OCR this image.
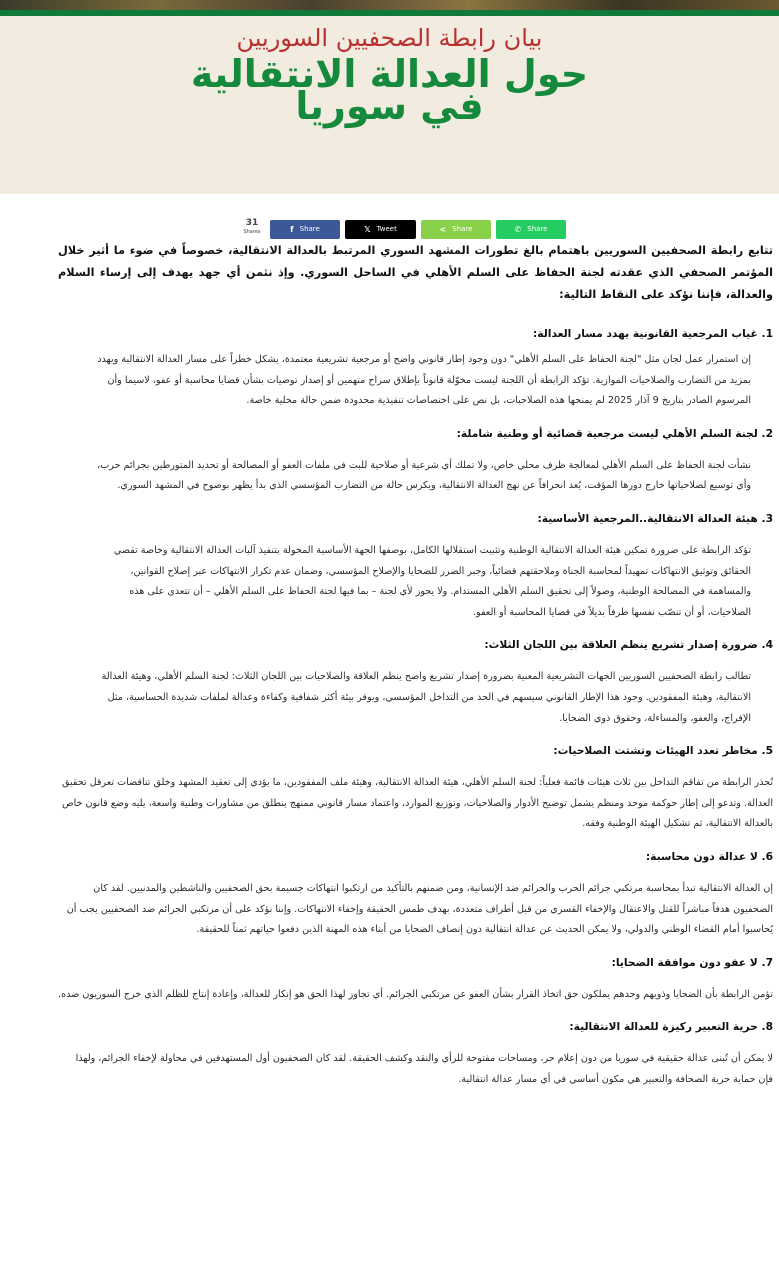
بيان رابطة الصحفيين السوريين
حول العدالة الانتقالية
في سوريا
31
Shares	f Share	𝕏 Tweet	< Share	✆ Share

تتابع رابطة الصحفيين السوريين باهتمام بالغ تطورات المشهد السوري المرتبط بالعدالة الانتقالية، خصوصاً في ضوء ما أثير خلال المؤتمر الصحفي الذي عقدته لجنة الحفاظ على السلم الأهلي في الساحل السوري. وإذ نثمن أي جهد يهدف إلى إرساء السلام والعدالة، فإننا نؤكد على النقاط التالية:

1. غياب المرجعية القانونية يهدد مسار العدالة:

إن استمرار عمل لجان مثل "لجنة الحفاظ على السلم الأهلي" دون وجود إطار قانوني واضح أو مرجعية تشريعية معتمدة، يشكل خطراً على مسار العدالة الانتقالية ويهدد بمزيد من التضارب والصلاحيات الموازية. تؤكد الرابطة أن اللجنة ليست مخوّلة قانوناً بإطلاق سراح متهمين أو إصدار توصيات بشأن قضايا محاسبة أو عفو، لاسيما وأن المرسوم الصادر بتاريخ 9 آذار 2025 لم يمنحها هذه الصلاحيات، بل نص على اختصاصات تنفيذية محدودة ضمن حالة محلية خاصة.

2. لجنة السلم الأهلي ليست مرجعية قضائية أو وطنية شاملة:

نشأت لجنة الحفاظ على السلم الأهلي لمعالجة ظرف محلي خاص، ولا تملك أي شرعية أو صلاحية للبت في ملفات العفو أو المصالحة أو تحديد المتورطين بجرائم حرب، وأي توسيع لصلاحياتها خارج دورها المؤقت، يُعد انحرافاً عن نهج العدالة الانتقالية، ويكرس حالة من التضارب المؤسسي الذي بدأ يظهر بوضوح في المشهد السوري.

3. هيئة العدالة الانتقالية..المرجعية الأساسية:

تؤكد الرابطة على ضرورة تمكين هيئة العدالة الانتقالية الوطنية وتثبيت استقلالها الكامل، بوصفها الجهة الأساسية المخولة بتنفيذ آليات العدالة الانتقالية وخاصة تقصي الحقائق وتوثيق الانتهاكات تمهيداً لمحاسبة الجناة وملاحقتهم قضائياً، وجبر الضرر للضحايا والإصلاح المؤسسي، وضمان عدم تكرار الانتهاكات عبر إصلاح القوانين، والمساهمة في المصالحة الوطنية، وصولاً إلى تحقيق السلم الأهلي المستدام. ولا يجوز لأي لجنة – بما فيها لجنة الحفاظ على السلم الأهلي – أن تتعدى على هذه الصلاحيات، أو أن تنصّب نفسها طرفاً بديلاً في قضايا المحاسبة أو العفو.

4. ضرورة إصدار تشريع ينظم العلاقة بين اللجان الثلاث:

تطالب رابطة الصحفيين السوريين الجهات التشريعية المعنية بضرورة إصدار تشريع واضح ينظم العلاقة والصلاحيات بين اللجان الثلاث: لجنة السلم الأهلي، وهيئة العدالة الانتقالية، وهيئة المفقودين. وجود هذا الإطار القانوني سيسهم في الحد من التداخل المؤسسي، ويوفر بيئة أكثر شفافية وكفاءة وعدالة لملفات شديدة الحساسية، مثل الإفراج، والعفو، والمساءلة، وحقوق ذوي الضحايا.

5. مخاطر تعدد الهيئات وتشتت الصلاحيات:

تُحذر الرابطة من تفاقم التداخل بين ثلاث هيئات قائمة فعلياً: لجنة السلم الأهلي، هيئة العدالة الانتقالية، وهيئة ملف المفقودين، ما يؤدي إلى تعقيد المشهد وخلق تناقضات تعرقل تحقيق العدالة. وتدعو إلى إطار حوكمة موحد ومنظم يشمل توضيح الأدوار والصلاحيات، وتوزيع الموارد، واعتماد مسار قانوني ممنهج ينطلق من مشاورات وطنية واسعة، يليه وضع قانون خاص بالعدالة الانتقالية، ثم تشكيل الهيئة الوطنية وفقه.

6. لا عدالة دون محاسبة:

إن العدالة الانتقالية تبدأ بمحاسبة مرتكبي جرائم الحرب والجرائم ضد الإنسانية، ومن ضمنهم بالتأكيد من ارتكبوا انتهاكات جسيمة بحق الصحفيين والناشطين والمدنيين. لقد كان الصحفيون هدفاً مباشراً للقتل والاعتقال والإخفاء القسري من قبل أطراف متعددة، بهدف طمس الحقيقة وإخفاء الانتهاكات. وإننا نؤكد على أن مرتكبي الجرائم ضد الصحفيين يجب أن يُحاسبوا أمام القضاء الوطني والدولي، ولا يمكن الحديث عن عدالة انتقالية دون إنصاف الضحايا من أبناء هذه المهنة الذين دفعوا حياتهم ثمناً للحقيقة.

7. لا عفو دون موافقة الضحايا:

تؤمن الرابطة بأن الضحايا وذويهم وحدهم يملكون حق اتخاذ القرار بشأن العفو عن مرتكبي الجرائم. أي تجاوز لهذا الحق هو إنكار للعدالة، وإعادة إنتاج للظلم الذي خرج السوريون ضده.

8. حرية التعبير ركيزة للعدالة الانتقالية:

لا يمكن أن تُبنى عدالة حقيقية في سوريا من دون إعلام حر، ومساحات مفتوحة للرأي والنقد وكشف الحقيقة. لقد كان الصحفيون أول المستهدفين في محاولة لإخفاء الجرائم، ولهذا فإن حماية حرية الصحافة والتعبير هي مكون أساسي في أي مسار عدالة انتقالية.
